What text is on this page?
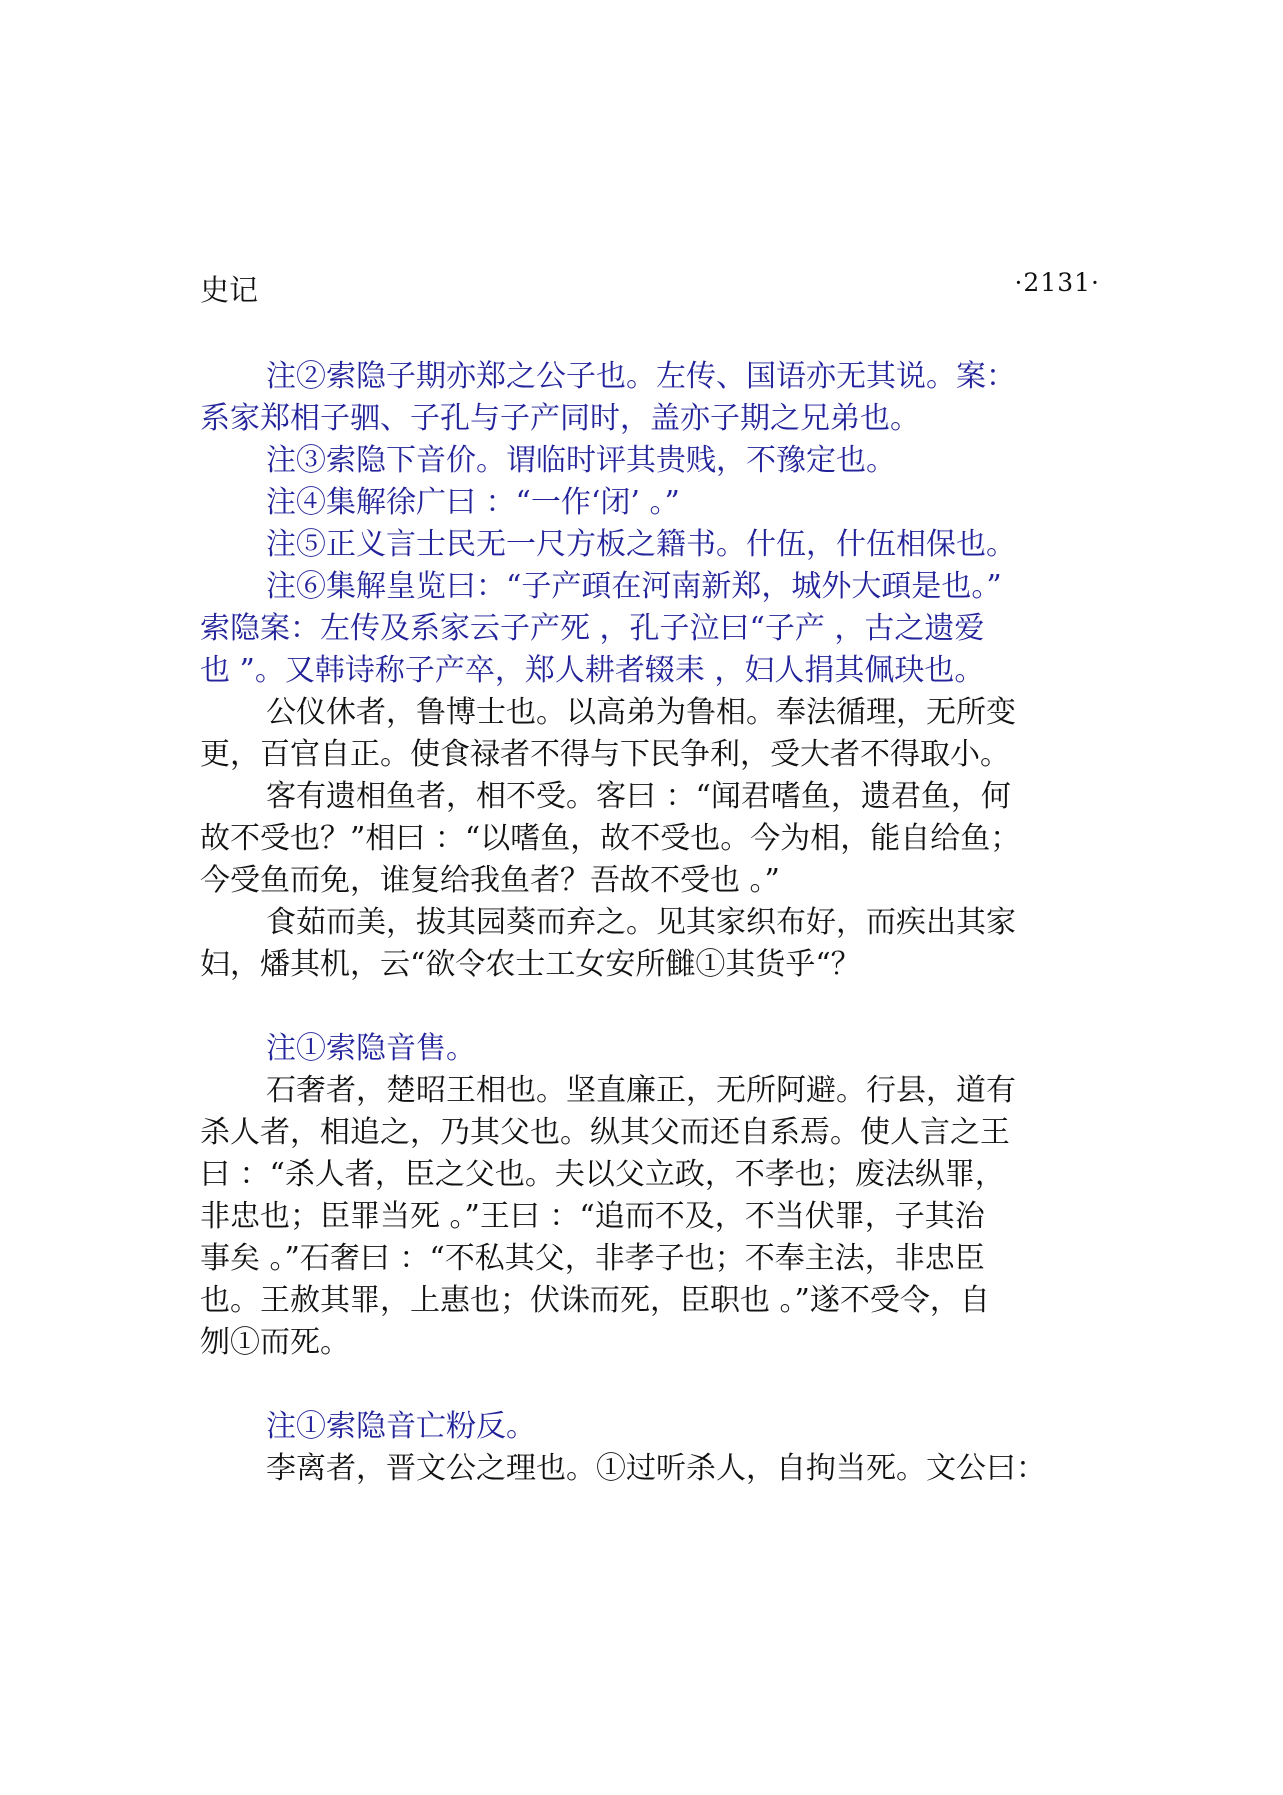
史记	·2131·
注②索隐子期亦郑之公子也。左传、国语亦无其说。案：
系家郑相子驷、子孔与子产同时，盖亦子期之兄弟也。
注③索隐下音价。谓临时评其贵贱，不豫定也。
注④集解徐广曰 ：“一作‘闭’ 。”
注⑤正义言士民无一尺方板之籍书。什伍，什伍相保也。
注⑥集解皇览曰：“子产頙在河南新郑，城外大頙是也。”
索隐案：左传及系家云子产死 ，孔子泣曰“子产 ，古之遗爱
也 ”。又韩诗称子产卒，郑人耕者辍耒 ，妇人捐其佩玦也。
公仪休者，鲁博士也。以高弟为鲁相。奉法循理，无所变
更，百官自正。使食禄者不得与下民争利，受大者不得取小。
客有遗相鱼者，相不受。客曰 ：“闻君嗜鱼，遗君鱼，何
故不受也？”相曰 ：“以嗜鱼，故不受也。今为相，能自给鱼；
今受鱼而免，谁复给我鱼者？吾故不受也 。”
食茹而美，拔其园葵而弃之。见其家织布好，而疾出其家
妇，燔其机，云“欲令农士工女安所雠①其货乎“？
注①索隐音售。
石奢者，楚昭王相也。坚直廉正，无所阿避。行县，道有
杀人者，相追之，乃其父也。纵其父而还自系焉。使人言之王
曰 ：“杀人者，臣之父也。夫以父立政，不孝也；废法纵罪，
非忠也；臣罪当死 。”王曰 ：“追而不及，不当伏罪，子其治
事矣 。”石奢曰 ：“不私其父，非孝子也；不奉主法，非忠臣
也。王赦其罪，上惠也；伏诛而死，臣职也 。”遂不受令，自
刎①而死。
注①索隐音亡粉反。
李离者，晋文公之理也。①过听杀人，自拘当死。文公曰：
